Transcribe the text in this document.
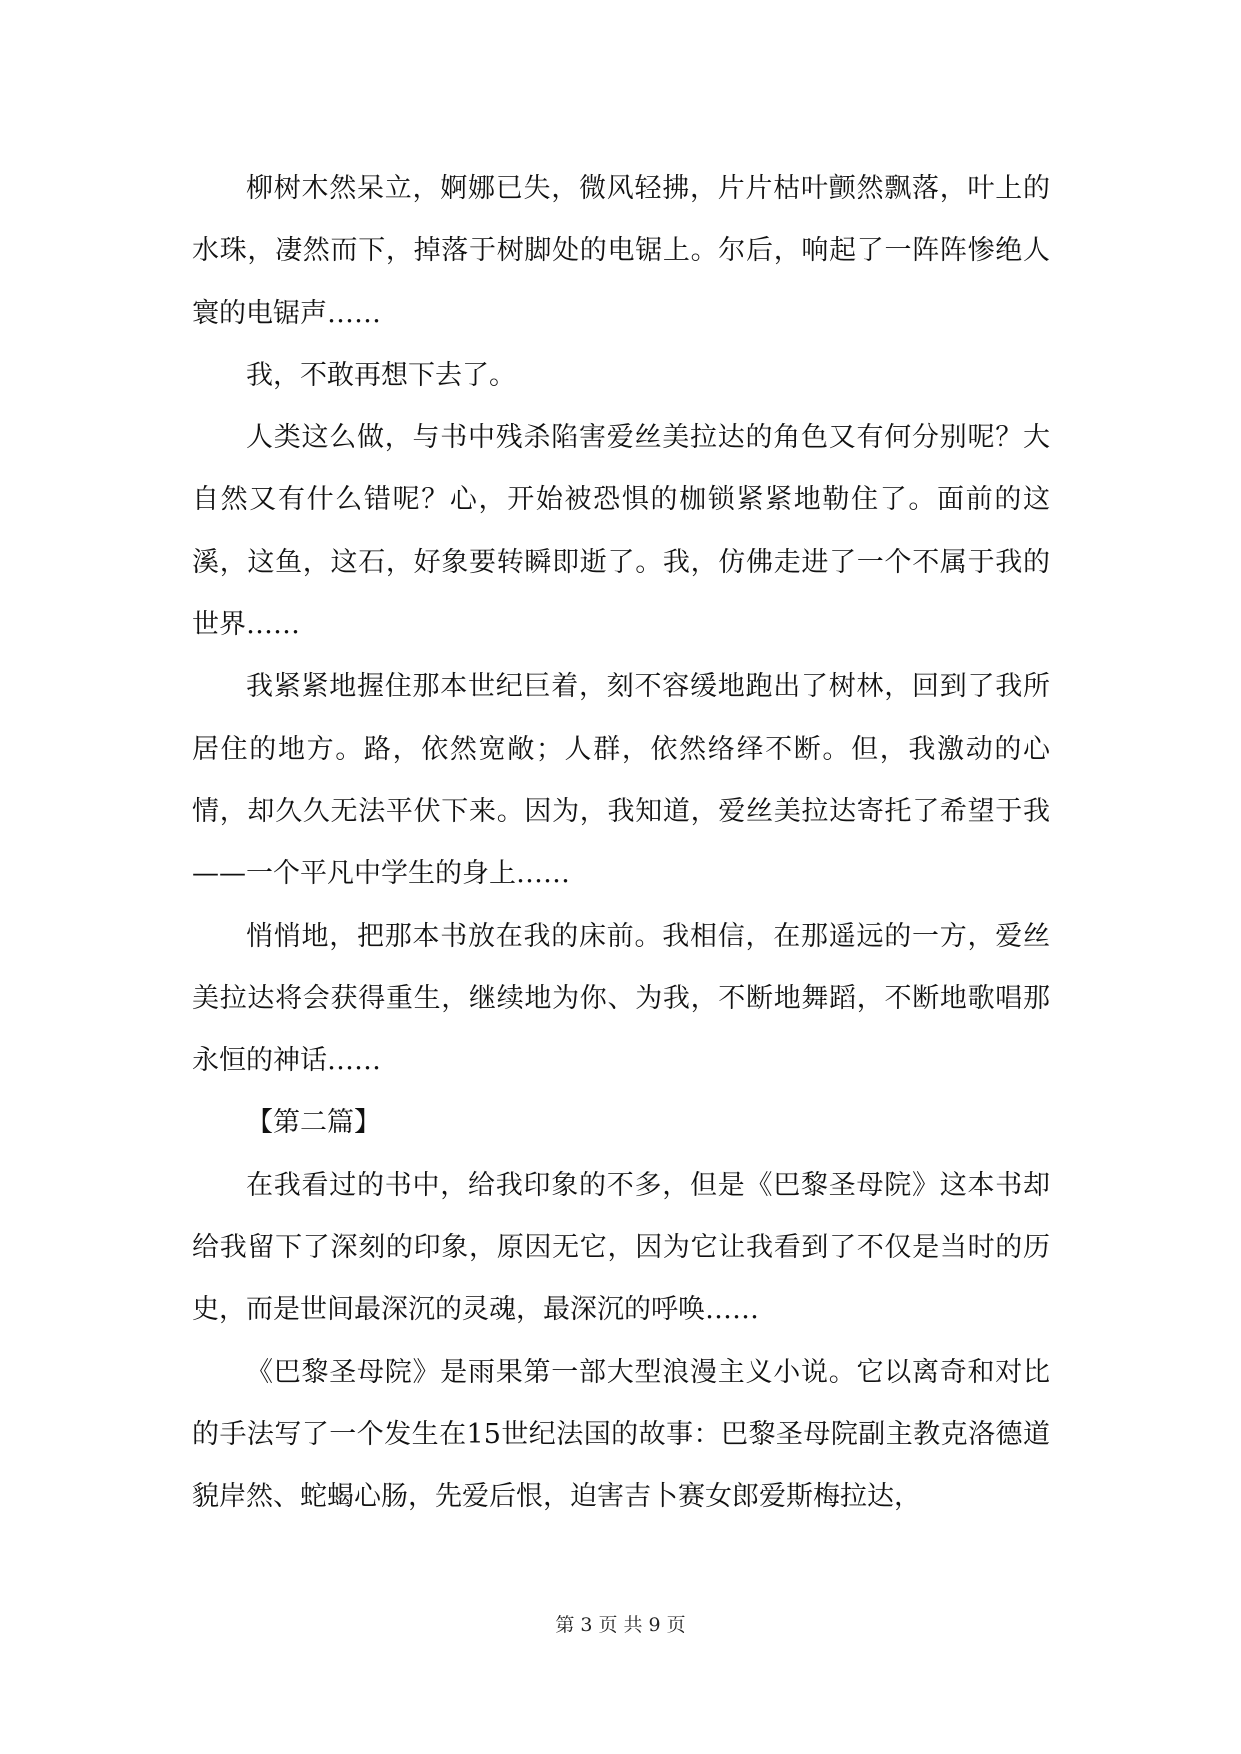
柳树木然呆立，婀娜已失，微风轻拂，片片枯叶颤然飘落，叶上的水珠，凄然而下，掉落于树脚处的电锯上。尔后，响起了一阵阵惨绝人寰的电锯声……

我，不敢再想下去了。

人类这么做，与书中残杀陷害爱丝美拉达的角色又有何分别呢？大自然又有什么错呢？心，开始被恐惧的枷锁紧紧地勒住了。面前的这溪，这鱼，这石，好象要转瞬即逝了。我，仿佛走进了一个不属于我的世界……

我紧紧地握住那本世纪巨着，刻不容缓地跑出了树林，回到了我所居住的地方。路，依然宽敞；人群，依然络绎不断。但，我激动的心情，却久久无法平伏下来。因为，我知道，爱丝美拉达寄托了希望于我——一个平凡中学生的身上……

悄悄地，把那本书放在我的床前。我相信，在那遥远的一方，爱丝美拉达将会获得重生，继续地为你、为我，不断地舞蹈，不断地歌唱那永恒的神话……

【第二篇】

在我看过的书中，给我印象的不多，但是《巴黎圣母院》这本书却给我留下了深刻的印象，原因无它，因为它让我看到了不仅是当时的历史，而是世间最深沉的灵魂，最深沉的呼唤……

《巴黎圣母院》是雨果第一部大型浪漫主义小说。它以离奇和对比的手法写了一个发生在15世纪法国的故事：巴黎圣母院副主教克洛德道貌岸然、蛇蝎心肠，先爱后恨，迫害吉卜赛女郎爱斯梅拉达，

第 3 页 共 9 页
